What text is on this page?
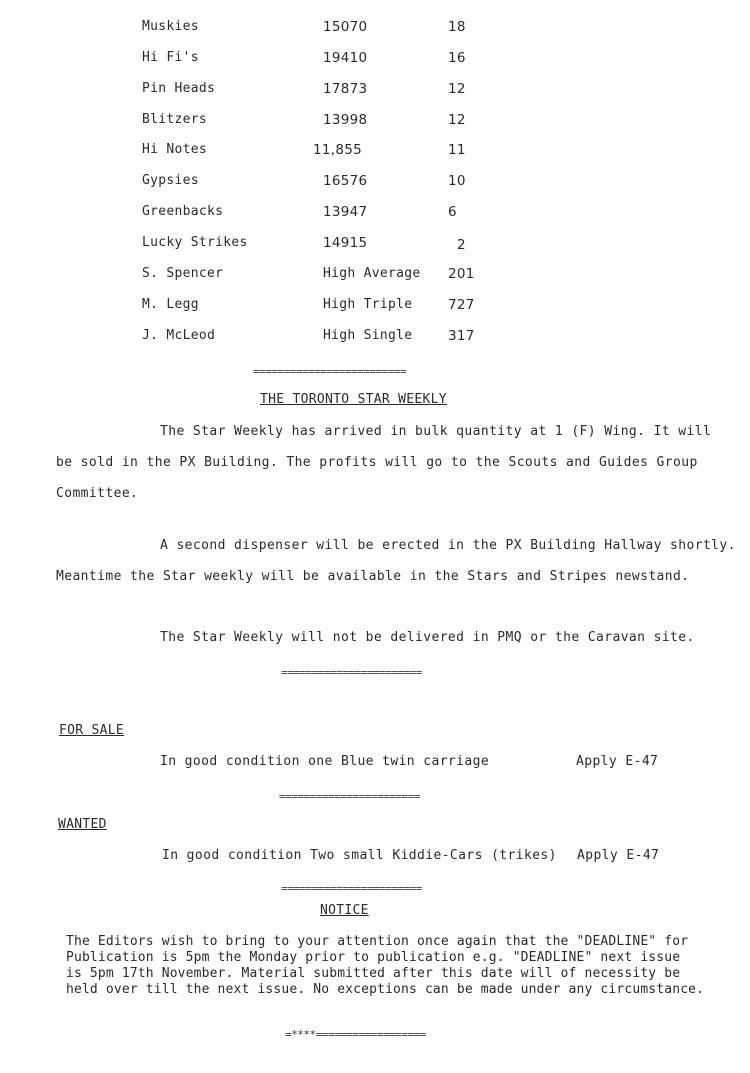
Muskies	15070	18
Hi Fi's	19410	16
Pin Heads	17873	12
Blitzers	13998	12
Hi Notes	11,855	11
Gypsies	16576	10
Greenbacks	13947	6
Lucky Strikes	14915	2
S. Spencer	High Average 201
M. Legg	High Triple	727
J. McLeod	High Single	317
=========================
THE TORONTO STAR WEEKLY
The Star Weekly has arrived in bulk quantity at 1 (F) Wing. It will
be sold in the PX Building. The profits will go to the Scouts and Guides Group
Committee.
A second dispenser will be erected in the PX Building Hallway shortly.
Meantime the Star weekly will be available in the Stars and Stripes newstand.
The Star Weekly will not be delivered in PMQ or the Caravan site.
=======================
FOR SALE
In good condition one Blue twin carriage	Apply E-47
=======================
WANTED
In good condition Two small Kiddie-Cars (trikes) Apply E-47
=======================
NOTICE
The Editors wish to bring to your attention once again that the "DEADLINE" for
Publication is 5pm the Monday prior to publication e.g. "DEADLINE" next issue
is 5pm 17th November. Material submitted after this date will of necessity be
held over till the next issue. No exceptions can be made under any circumstance.
=****==================
